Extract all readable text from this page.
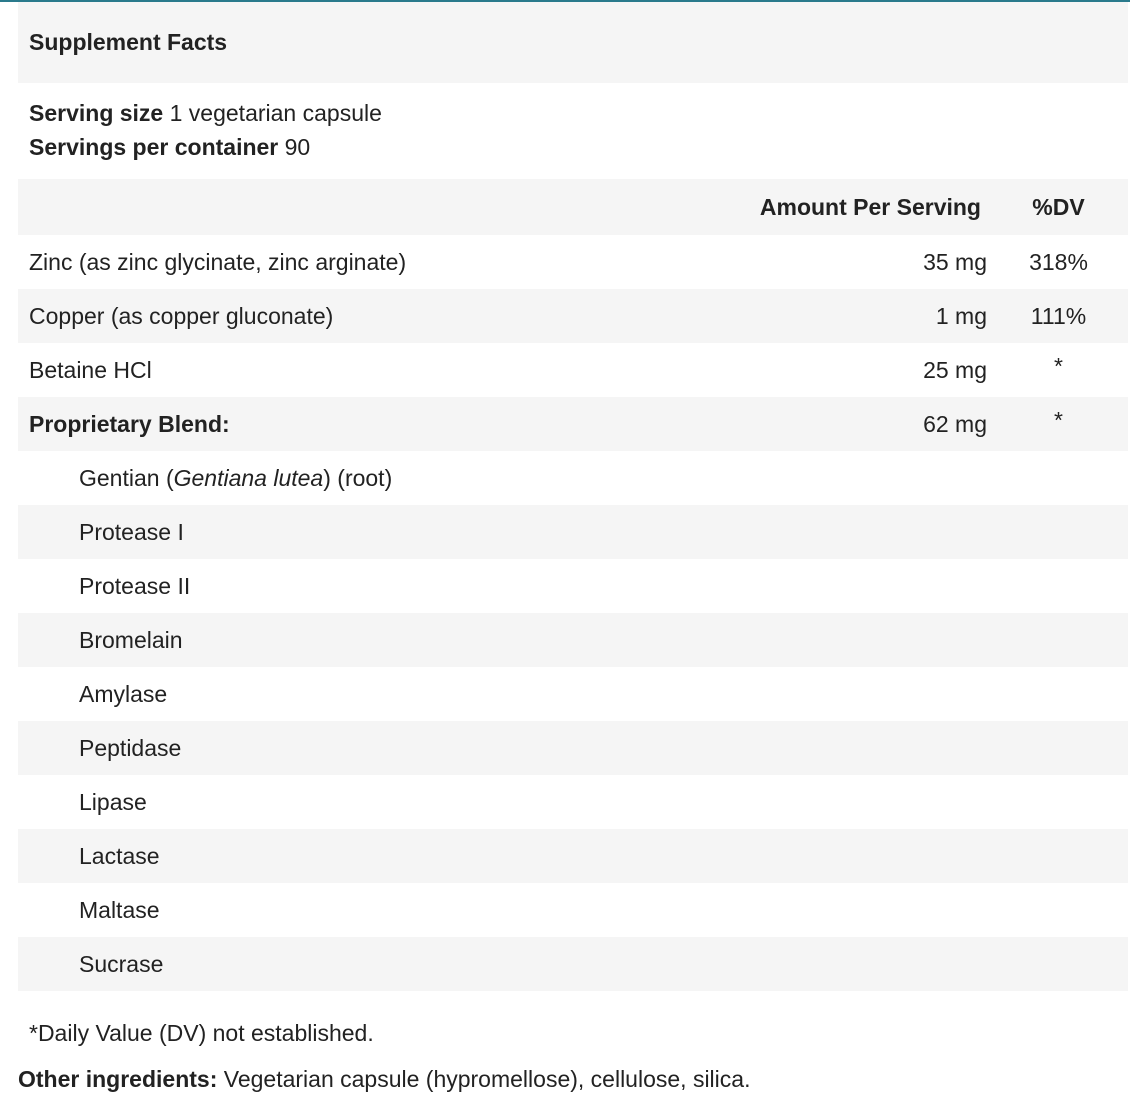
Supplement Facts
Serving size 1 vegetarian capsule
Servings per container 90
Amount Per Serving	%DV
Zinc (as zinc glycinate, zinc arginate)	35 mg	318%
Copper (as copper gluconate)	1 mg	111%
Betaine HCl	25 mg	*
Proprietary Blend:	62 mg	*
Gentian (Gentiana lutea) (root)
Protease I
Protease II
Bromelain
Amylase
Peptidase
Lipase
Lactase
Maltase
Sucrase
*Daily Value (DV) not established.
Other ingredients: Vegetarian capsule (hypromellose), cellulose, silica.
